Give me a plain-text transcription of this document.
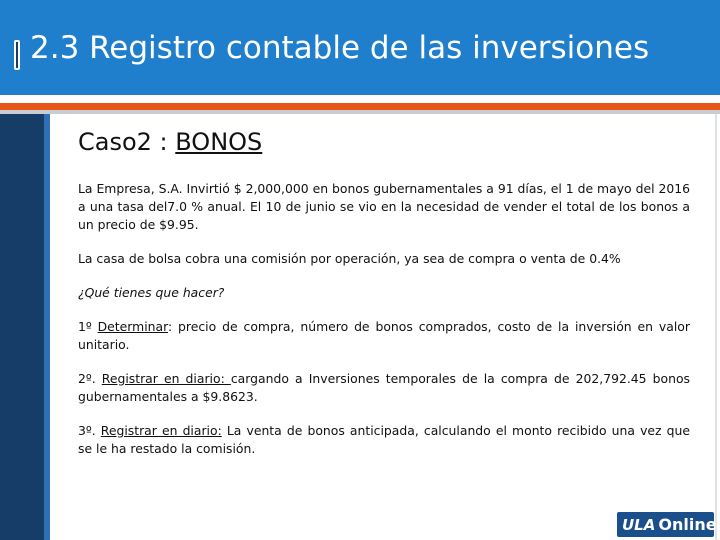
2.3 Registro contable de las inversiones
Caso2 : BONOS

La Empresa, S.A. Invirtió $ 2,000,000 en bonos gubernamentales a 91 días, el 1 de mayo del 2016 a una tasa del7.0 % anual. El 10 de junio se vio en la necesidad de vender el total de los bonos a un precio de $9.95.

La casa de bolsa cobra una comisión por operación, ya sea de compra o venta de 0.4%

¿Qué tienes que hacer?

1º Determinar: precio de compra, número de bonos comprados, costo de la inversión en valor unitario.

2º. Registrar en diario: cargando a Inversiones temporales de la compra de 202,792.45 bonos gubernamentales a $9.8623.

3º. Registrar en diario: La venta de bonos anticipada, calculando el monto recibido una vez que se le ha restado la comisión.

ULA Online
